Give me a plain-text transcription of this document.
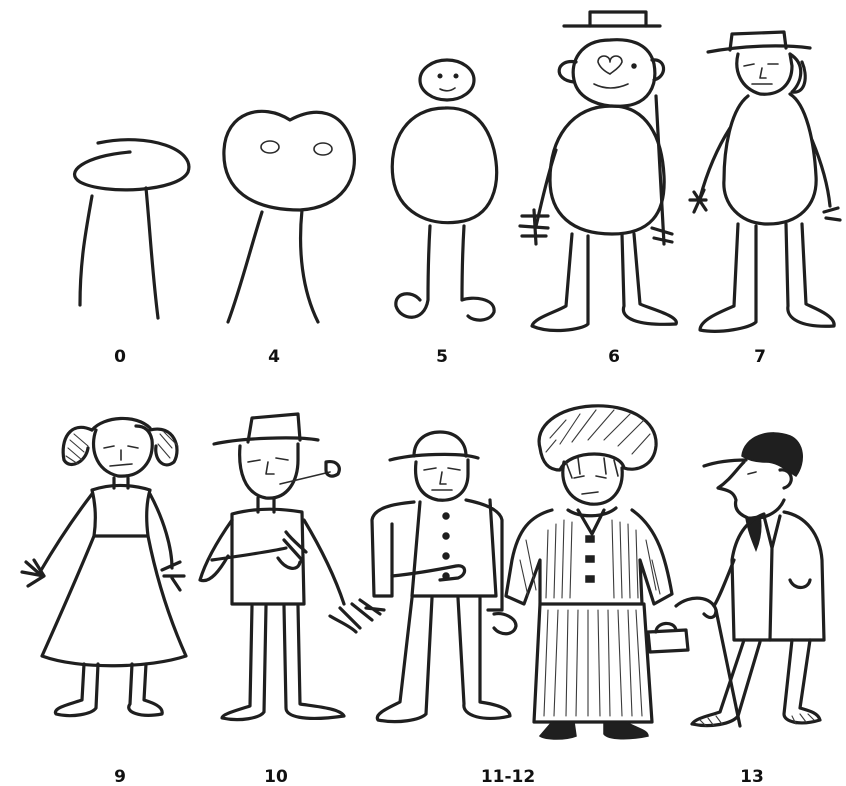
0	4	5	6	7
9	10	11-12	13
